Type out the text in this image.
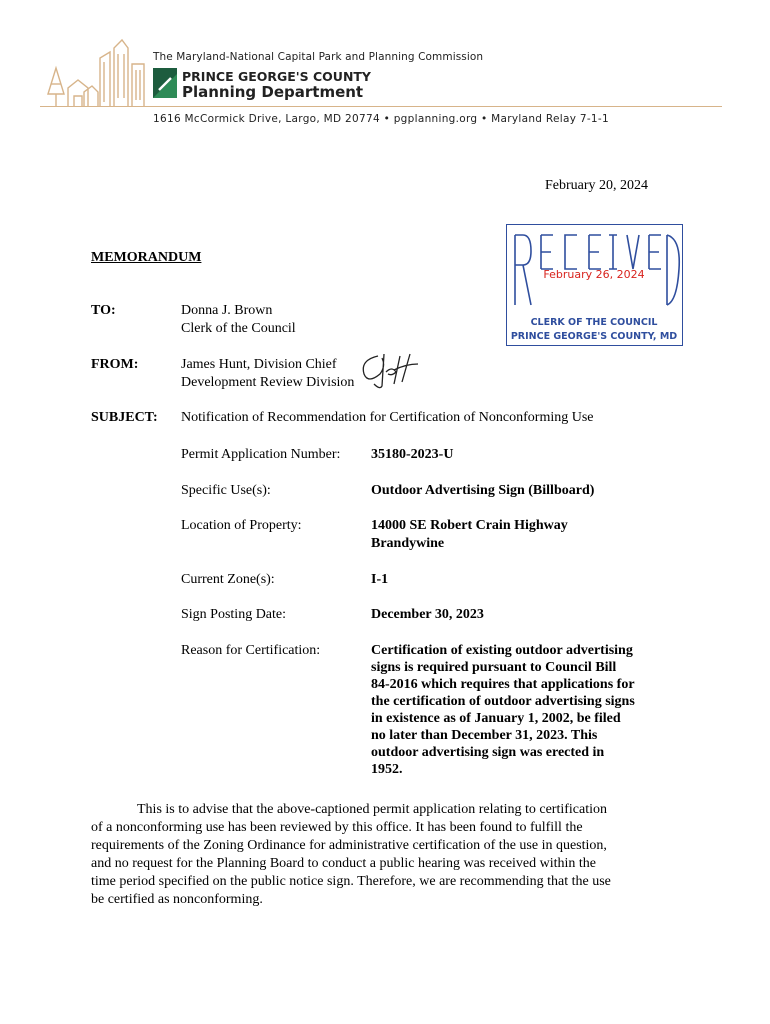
The Maryland-National Capital Park and Planning Commission
PRINCE GEORGE'S COUNTY
Planning Department
1616 McCormick Drive, Largo, MD 20774 • pgplanning.org • Maryland Relay 7-1-1
February 20, 2024
February 26, 2024
CLERK OF THE COUNCIL
PRINCE GEORGE'S COUNTY, MD
MEMORANDUM
TO:	Donna J. Brown
Clerk of the Council
FROM:	James Hunt, Division Chief
Development Review Division
SUBJECT: Notification of Recommendation for Certification of Nonconforming Use
Permit Application Number: 35180-2023-U
Specific Use(s):	Outdoor Advertising Sign (Billboard)
Location of Property:	14000 SE Robert Crain Highway
Brandywine
Current Zone(s):	I-1
Sign Posting Date:	December 30, 2023
Reason for Certification:	Certification of existing outdoor advertising
signs is required pursuant to Council Bill
84-2016 which requires that applications for
the certification of outdoor advertising signs
in existence as of January 1, 2002, be filed
no later than December 31, 2023. This
outdoor advertising sign was erected in
1952.
This is to advise that the above-captioned permit application relating to certification
of a nonconforming use has been reviewed by this office. It has been found to fulfill the
requirements of the Zoning Ordinance for administrative certification of the use in question,
and no request for the Planning Board to conduct a public hearing was received within the
time period specified on the public notice sign. Therefore, we are recommending that the use
be certified as nonconforming.
